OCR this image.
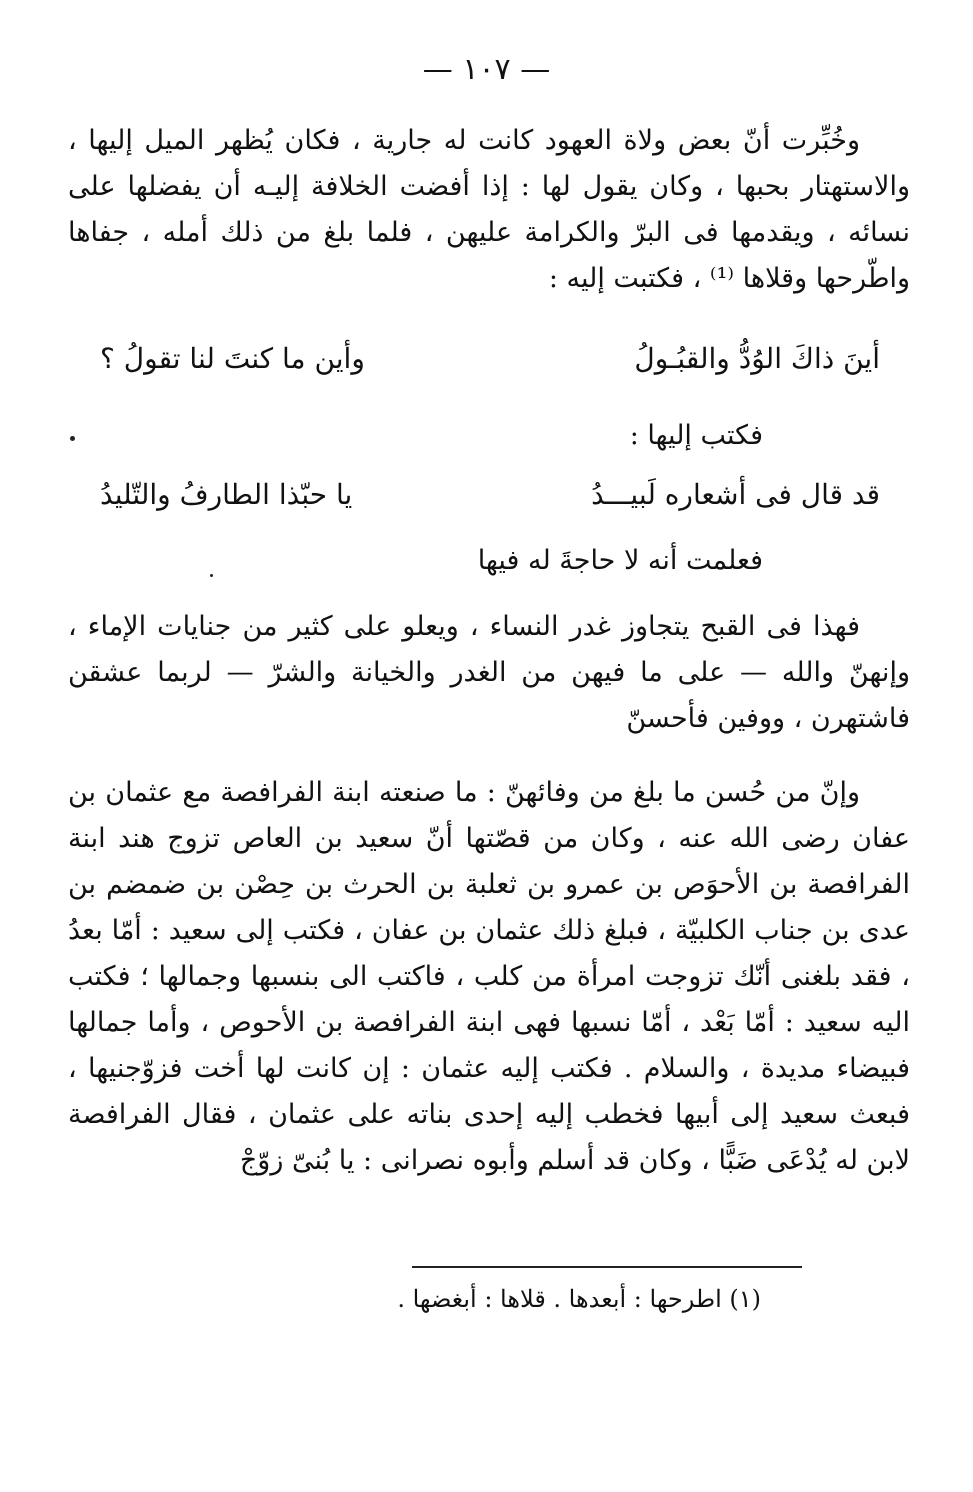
— ١٠٧ —
وخُبِّرت أنّ بعض ولاة العهود كانت له جارية ، فكان يُظهر الميل إليها ، والاستهتار بحبها ، وكان يقول لها : إذا أفضت الخلافة إليـه أن يفضلها على نسائه ، ويقدمها فى البرّ والكرامة عليهن ، فلما بلغ من ذلك أمله ، جفاها واطّرحها وقلاها ⁽¹⁾ ، فكتبت إليه :
أينَ ذاكَ الوُدُّ والقبُـولُ
وأين ما كنتَ لنا تقولُ ؟
فكتب إليها :
قد قال فى أشعاره لَبيـــدُ
يا حبّذا الطارفُ والتّليدُ
فعلمت أنه لا حاجةَ له فيها
فهذا فى القبح يتجاوز غدر النساء ، ويعلو على كثير من جنايات الإماء ، وإنهنّ والله — على ما فيهن من الغدر والخيانة والشرّ — لربما عشقن فاشتهرن ، ووفين فأحسنّ
وإنّ من حُسن ما بلغ من وفائهنّ : ما صنعته ابنة الفرافصة مع عثمان بن عفان رضى الله عنه ، وكان من قصّتها أنّ سعيد بن العاص تزوج هند ابنة الفرافصة بن الأحوَص بن عمرو بن ثعلبة بن الحرث بن حِصْن بن ضمضم بن عدى بن جناب الكلبيّة ، فبلغ ذلك عثمان بن عفان ، فكتب إلى سعيد : أمّا بعدُ ، فقد بلغنى أنّك تزوجت امرأة من كلب ، فاكتب الى بنسبها وجمالها ؛ فكتب اليه سعيد : أمّا بَعْد ، أمّا نسبها فهى ابنة الفرافصة بن الأحوص ، وأما جمالها فبيضاء مديدة ، والسلام . فكتب إليه عثمان : إن كانت لها أخت فزوّجنيها ، فبعث سعيد إلى أبيها فخطب إليه إحدى بناته على عثمان ، فقال الفرافصة لابن له يُدْعَى ضَبًّا ، وكان قد أسلم وأبوه نصرانى : يا بُنىّ زوّجْ
(١) اطرحها : أبعدها . قلاها : أبغضها .
